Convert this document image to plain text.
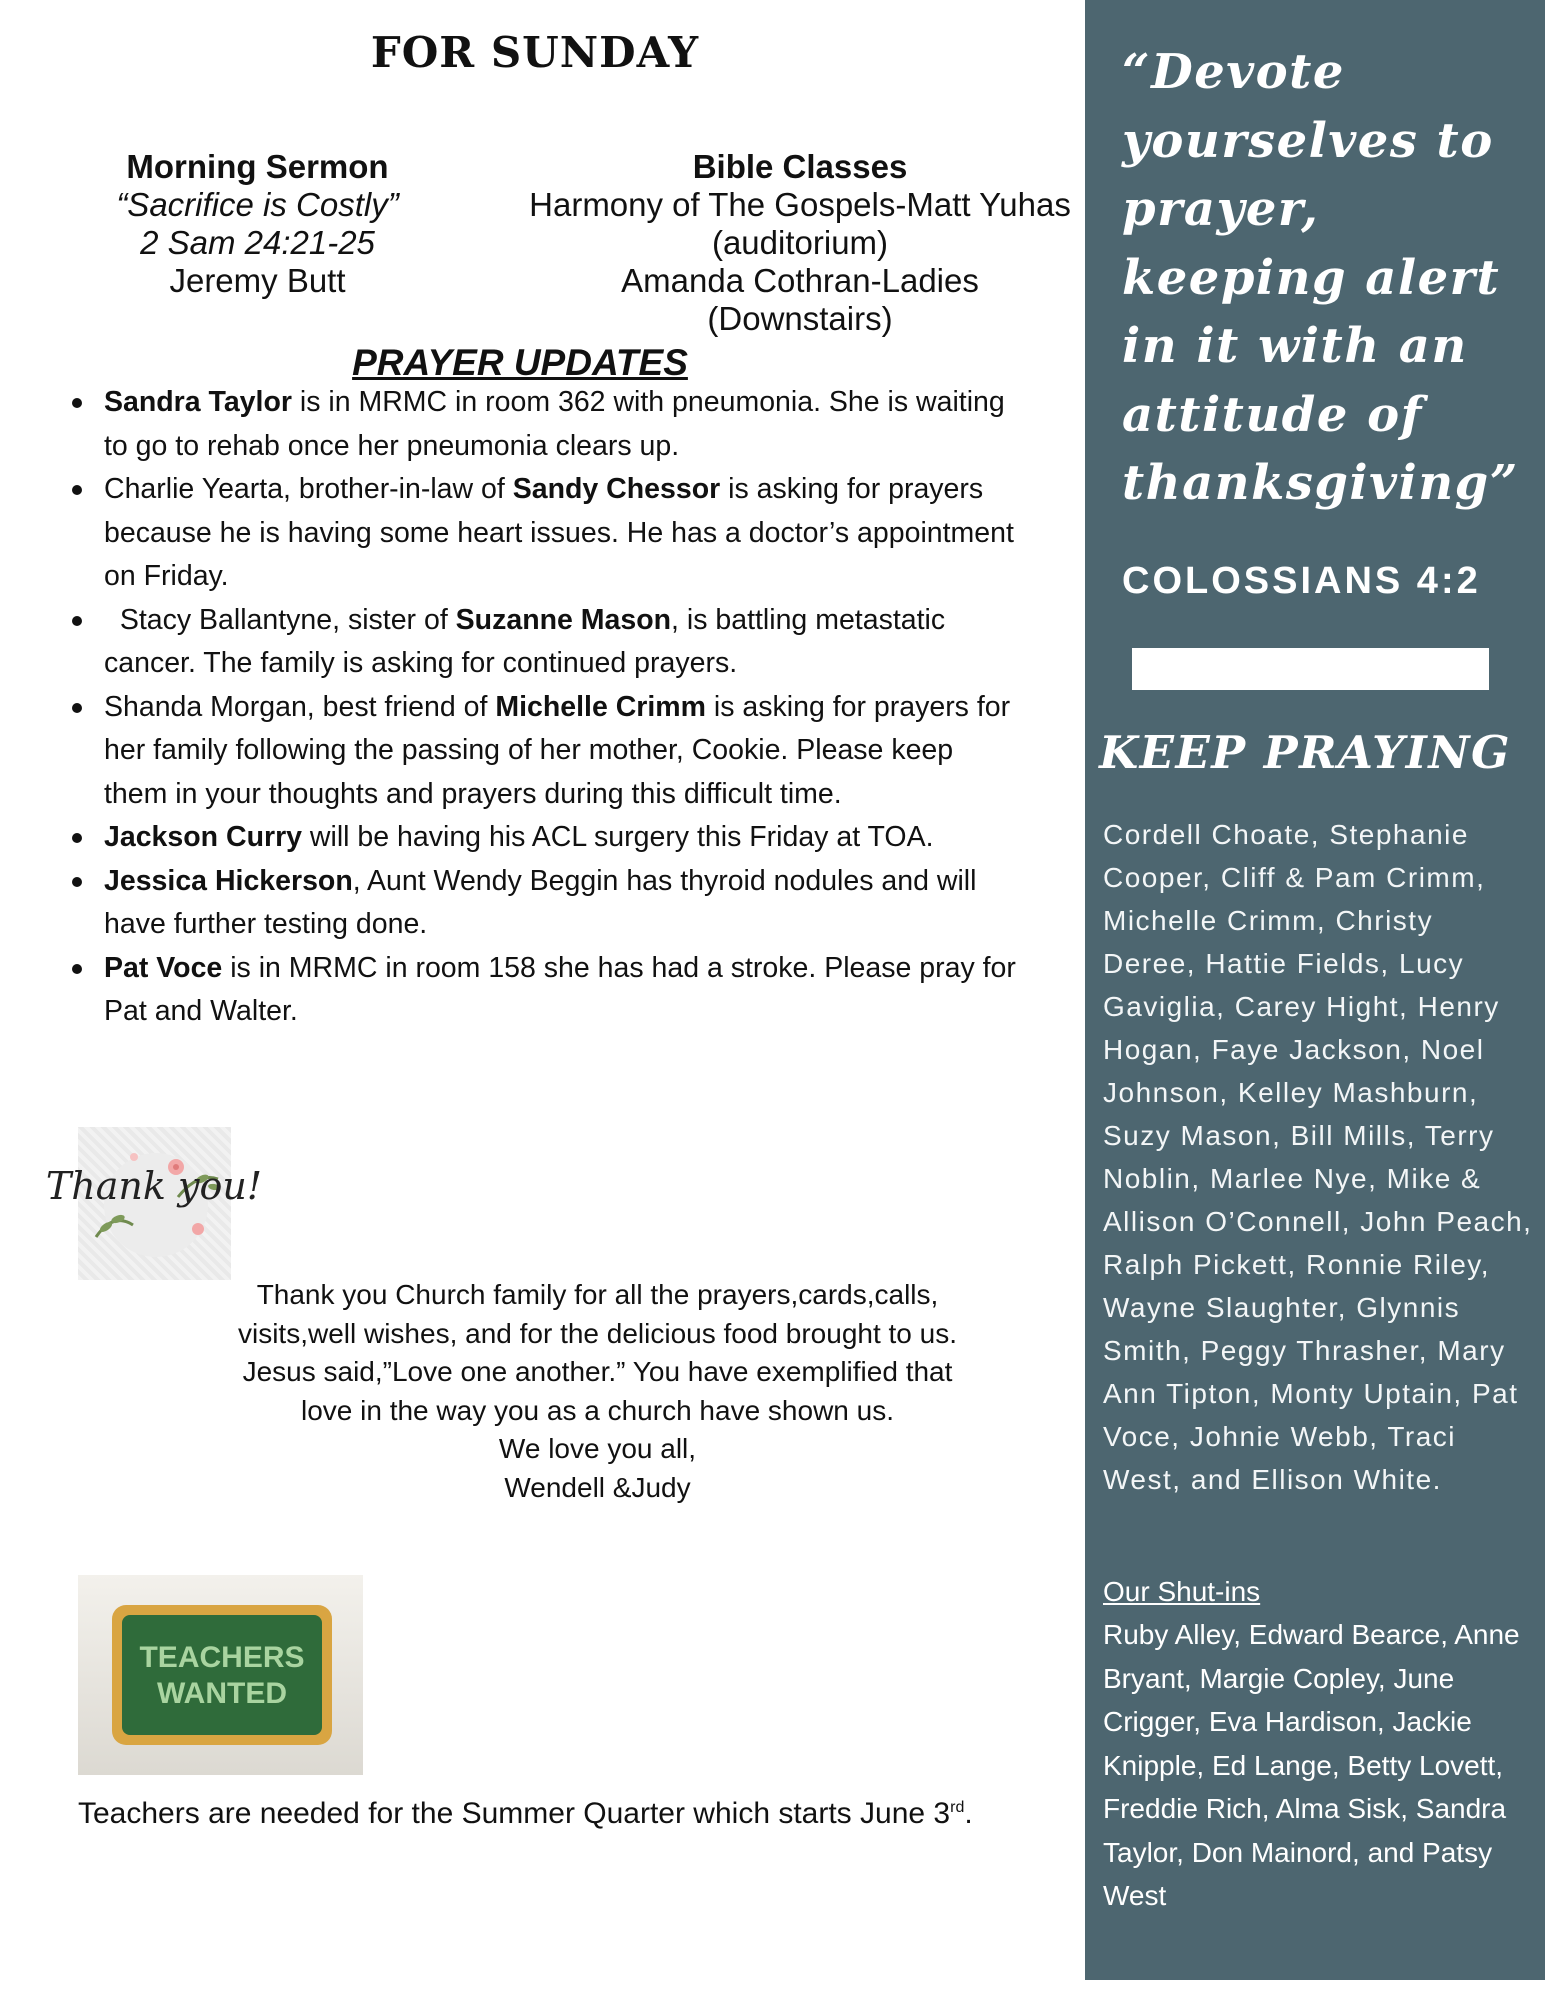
FOR SUNDAY
Morning Sermon
“Sacrifice is Costly”
2 Sam 24:21-25
Jeremy Butt
Bible Classes
Harmony of The Gospels-Matt Yuhas
(auditorium)
Amanda Cothran-Ladies
(Downstairs)
PRAYER UPDATES
Sandra Taylor is in MRMC in room 362 with pneumonia. She is waiting to go to rehab once her pneumonia clears up.
Charlie Yearta, brother-in-law of Sandy Chessor is asking for prayers because he is having some heart issues. He has a doctor’s appointment on Friday.
Stacy Ballantyne, sister of Suzanne Mason, is battling metastatic cancer. The family is asking for continued prayers.
Shanda Morgan, best friend of Michelle Crimm is asking for prayers for her family following the passing of her mother, Cookie. Please keep them in your thoughts and prayers during this difficult time.
Jackson Curry will be having his ACL surgery this Friday at TOA.
Jessica Hickerson, Aunt Wendy Beggin has thyroid nodules and will have further testing done.
Pat Voce is in MRMC in room 158 she has had a stroke. Please pray for Pat and Walter.
Thank you!
Thank you Church family for all the prayers,cards,calls,
visits,well wishes, and for the delicious food brought to us.
Jesus said,”Love one another.” You have exemplified that
love in the way you as a church have shown us.
We love you all,
Wendell &Judy
TEACHERS
WANTED
Teachers are needed for the Summer Quarter which starts June 3rd.
“Devote yourselves to prayer, keeping alert in it with an attitude of thanksgiving”
COLOSSIANS 4:2
KEEP PRAYING
Cordell Choate, Stephanie Cooper, Cliff & Pam Crimm, Michelle Crimm, Christy Deree, Hattie Fields, Lucy Gaviglia, Carey Hight, Henry Hogan, Faye Jackson, Noel Johnson, Kelley Mashburn, Suzy Mason, Bill Mills, Terry Noblin, Marlee Nye, Mike & Allison O’Connell, John Peach, Ralph Pickett, Ronnie Riley, Wayne Slaughter, Glynnis Smith, Peggy Thrasher, Mary Ann Tipton, Monty Uptain, Pat Voce, Johnie Webb, Traci West, and Ellison White.
Our Shut-ins
Ruby Alley, Edward Bearce, Anne Bryant, Margie Copley, June Crigger, Eva Hardison, Jackie Knipple, Ed Lange, Betty Lovett, Freddie Rich, Alma Sisk, Sandra Taylor, Don Mainord, and Patsy West
